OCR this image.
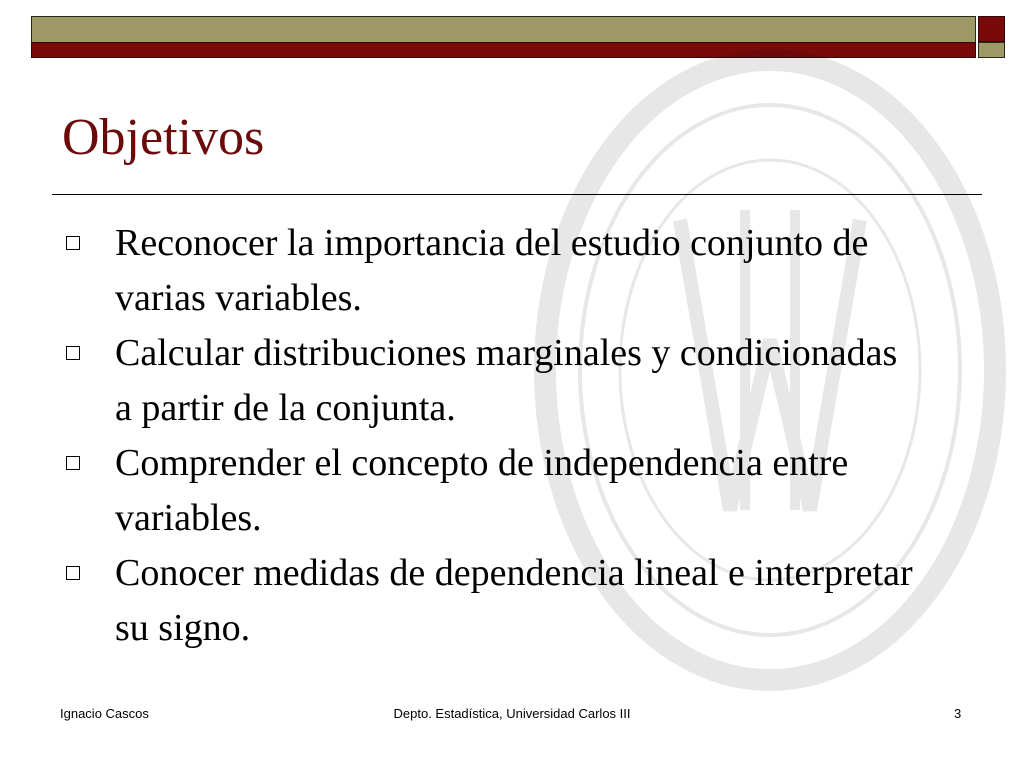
Objetivos
Reconocer la importancia del estudio conjunto de varias variables.
Calcular distribuciones marginales y condicionadas a partir de la conjunta.
Comprender el concepto de independencia entre variables.
Conocer medidas de dependencia lineal e interpretar su signo.
Ignacio Cascos	Depto. Estadística, Universidad Carlos III	3
